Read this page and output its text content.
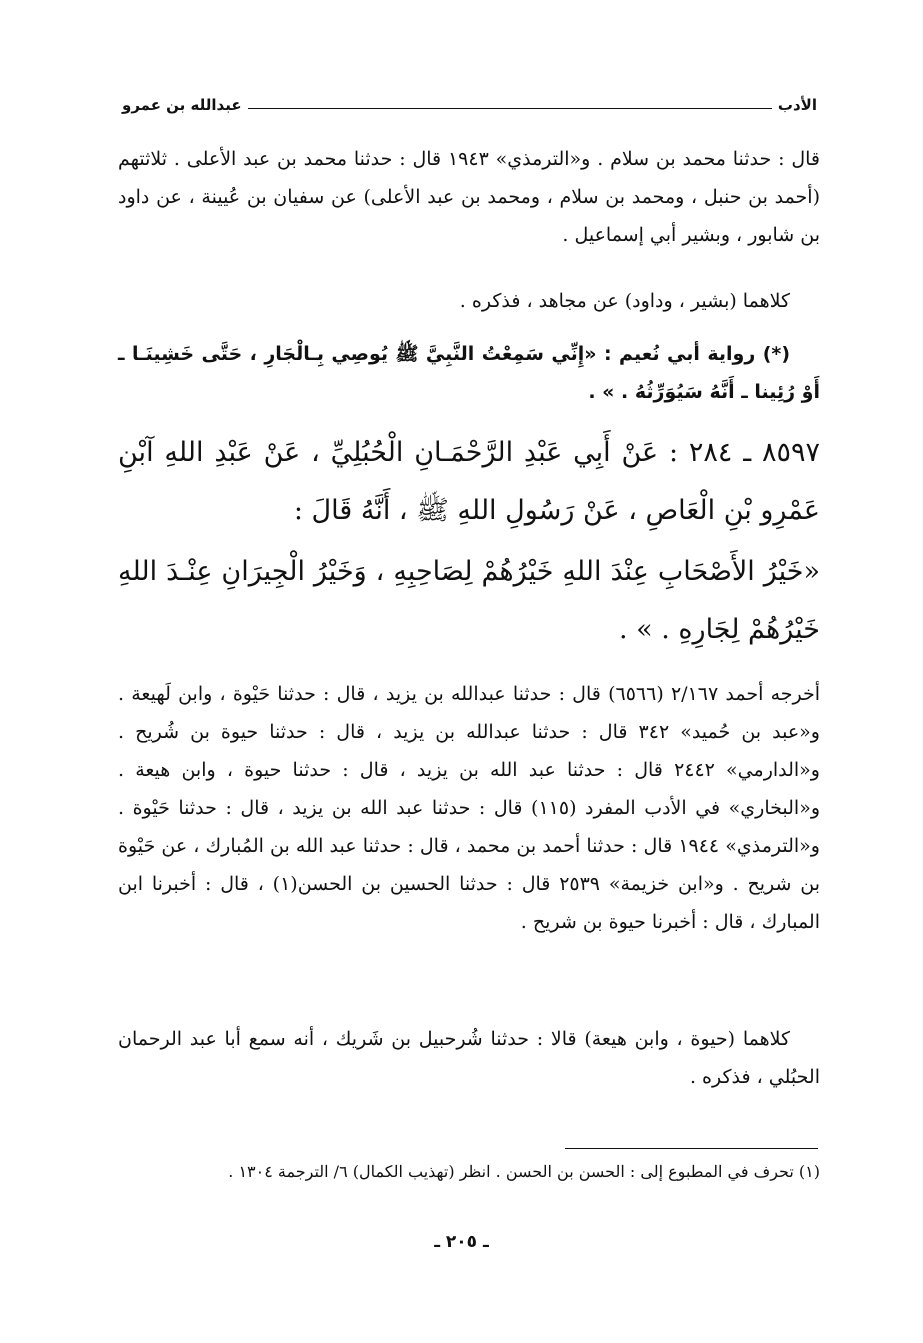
الأدب
عبدالله بن عمرو

قال : حدثنا محمد بن سلام . و«الترمذي» ١٩٤٣ قال : حدثنا محمد بن عبد الأعلى . ثلاثتهم (أحمد بن حنبل ، ومحمد بن سلام ، ومحمد بن عبد الأعلى) عن سفيان بن عُيينة ، عن داود بن شابور ، وبشير أبي إسماعيل .

كلاهما (بشير ، وداود) عن مجاهد ، فذكره .

(*) رواية أبي نُعيم : «إِنِّي سَمِعْتُ النَّبِيَّ ﷺ يُوصِي بِـالْجَارِ ، حَتَّى خَشِينَـا ـ أَوْ رُئِينا ـ أَنَّهُ سَيُوَرِّثُهُ . » .

٨٥٩٧ ـ ٢٨٤ : عَنْ أَبِي عَبْدِ الرَّحْمَـانِ الْحُبُلِيِّ ، عَنْ عَبْدِ اللهِ آبْنِ عَمْرِو بْنِ الْعَاصِ ، عَنْ رَسُولِ اللهِ ﷺ ، أَنَّهُ قَالَ :

«خَيْرُ الأَصْحَابِ عِنْدَ اللهِ خَيْرُهُمْ لِصَاحِبِهِ ، وَخَيْرُ الْجِيرَانِ عِنْـدَ اللهِ خَيْرُهُمْ لِجَارِهِ . » .

أخرجه أحمد ٢/١٦٧ (٦٥٦٦) قال : حدثنا عبدالله بن يزيد ، قال : حدثنا حَيْوة ، وابن لَهيعة . و«عبد بن حُميد» ٣٤٢ قال : حدثنا عبدالله بن يزيد ، قال : حدثنا حيوة بن شُريح . و«الدارمي» ٢٤٤٢ قال : حدثنا عبد الله بن يزيد ، قال : حدثنا حيوة ، وابن هيعة . و«البخاري» في الأدب المفرد (١١٥) قال : حدثنا عبد الله بن يزيد ، قال : حدثنا حَيْوة . و«الترمذي» ١٩٤٤ قال : حدثنا أحمد بن محمد ، قال : حدثنا عبد الله بن المُبارك ، عن حَيْوة بن شريح . و«ابن خزيمة» ٢٥٣٩ قال : حدثنا الحسين بن الحسن(١) ، قال : أخبرنا ابن المبارك ، قال : أخبرنا حيوة بن شريح .

كلاهما (حيوة ، وابن هيعة) قالا : حدثنا شُرحبيل بن شَريك ، أنه سمع أبا عبد الرحمان الحبُلي ، فذكره .

(١) تحرف في المطبوع إلى : الحسن بن الحسن . انظر (تهذيب الكمال) ٦/ الترجمة ١٣٠٤ .

ـ ٢٠٥ ـ
